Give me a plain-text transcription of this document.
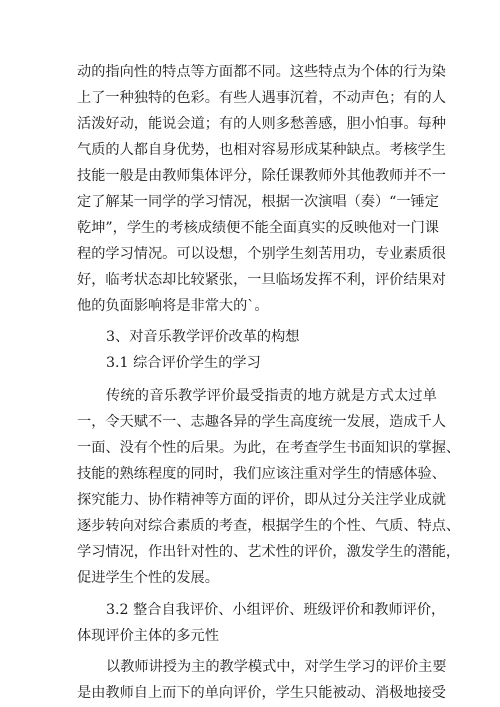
动的指向性的特点等方面都不同。这些特点为个体的行为染
上了一种独特的色彩。有些人遇事沉着，不动声色；有的人
活泼好动，能说会道；有的人则多愁善感，胆小怕事。每种
气质的人都自身优势，也相对容易形成某种缺点。考核学生
技能一般是由教师集体评分，除任课教师外其他教师并不一
定了解某一同学的学习情况，根据一次演唱（奏）“一锤定
乾坤”，学生的考核成绩便不能全面真实的反映他对一门课
程的学习情况。可以设想，个别学生刻苦用功，专业素质很
好，临考状态却比较紧张，一旦临场发挥不利，评价结果对
他的负面影响将是非常大的`。
3、对音乐教学评价改革的构想
3.1 综合评价学生的学习
传统的音乐教学评价最受指责的地方就是方式太过单
一，令天赋不一、志趣各异的学生高度统一发展，造成千人
一面、没有个性的后果。为此，在考查学生书面知识的掌握、
技能的熟练程度的同时，我们应该注重对学生的情感体验、
探究能力、协作精神等方面的评价，即从过分关注学业成就
逐步转向对综合素质的考查，根据学生的个性、气质、特点、
学习情况，作出针对性的、艺术性的评价，激发学生的潜能，
促进学生个性的发展。
3.2 整合自我评价、小组评价、班级评价和教师评价，
体现评价主体的多元性
以教师讲授为主的教学模式中，对学生学习的评价主要
是由教师自上而下的单向评价，学生只能被动、消极地接受
